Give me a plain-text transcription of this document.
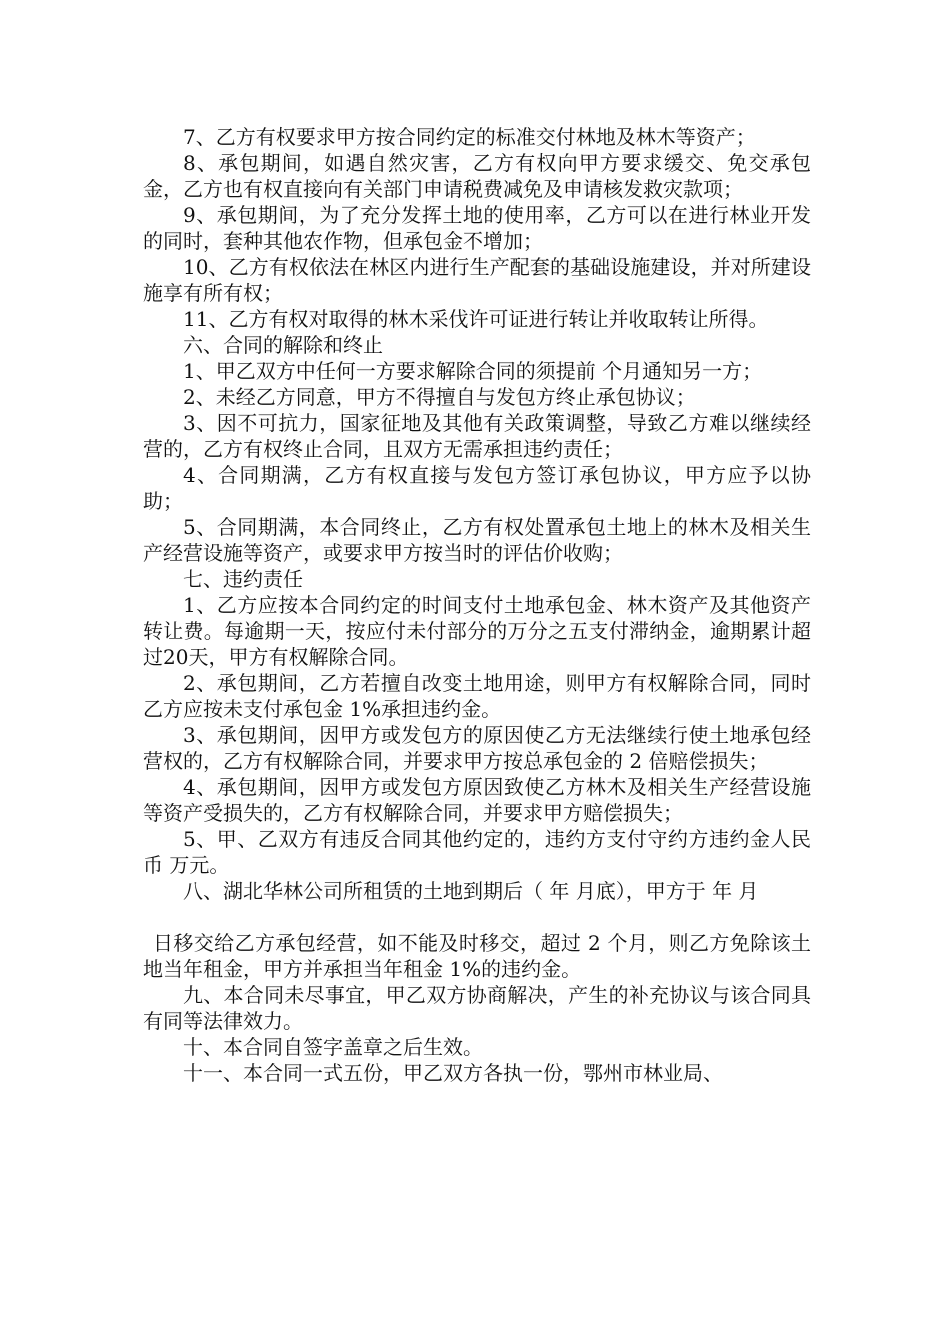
7、乙方有权要求甲方按合同约定的标准交付林地及林木等资产；

8、承包期间，如遇自然灾害，乙方有权向甲方要求缓交、免交承包金，乙方也有权直接向有关部门申请税费减免及申请核发救灾款项；

9、承包期间，为了充分发挥土地的使用率，乙方可以在进行林业开发的同时，套种其他农作物，但承包金不增加；

10、乙方有权依法在林区内进行生产配套的基础设施建设，并对所建设施享有所有权；

11、乙方有权对取得的林木采伐许可证进行转让并收取转让所得。

六、合同的解除和终止

1、甲乙双方中任何一方要求解除合同的须提前 个月通知另一方；

2、未经乙方同意，甲方不得擅自与发包方终止承包协议；

3、因不可抗力，国家征地及其他有关政策调整，导致乙方难以继续经营的，乙方有权终止合同，且双方无需承担违约责任；

4、合同期满，乙方有权直接与发包方签订承包协议，甲方应予以协助；

5、合同期满，本合同终止，乙方有权处置承包土地上的林木及相关生产经营设施等资产，或要求甲方按当时的评估价收购；

七、违约责任

1、乙方应按本合同约定的时间支付土地承包金、林木资产及其他资产转让费。每逾期一天，按应付未付部分的万分之五支付滞纳金，逾期累计超过20天，甲方有权解除合同。

2、承包期间，乙方若擅自改变土地用途，则甲方有权解除合同，同时乙方应按未支付承包金 1%承担违约金。

3、承包期间，因甲方或发包方的原因使乙方无法继续行使土地承包经营权的，乙方有权解除合同，并要求甲方按总承包金的 2 倍赔偿损失；

4、承包期间，因甲方或发包方原因致使乙方林木及相关生产经营设施等资产受损失的，乙方有权解除合同，并要求甲方赔偿损失；

5、甲、乙双方有违反合同其他约定的，违约方支付守约方违约金人民币 万元。

八、湖北华林公司所租赁的土地到期后（ 年 月底），甲方于 年 月

日移交给乙方承包经营，如不能及时移交，超过 2 个月，则乙方免除该土地当年租金，甲方并承担当年租金 1%的违约金。

九、本合同未尽事宜，甲乙双方协商解决，产生的补充协议与该合同具有同等法律效力。

十、本合同自签字盖章之后生效。

十一、本合同一式五份，甲乙双方各执一份，鄂州市林业局、
